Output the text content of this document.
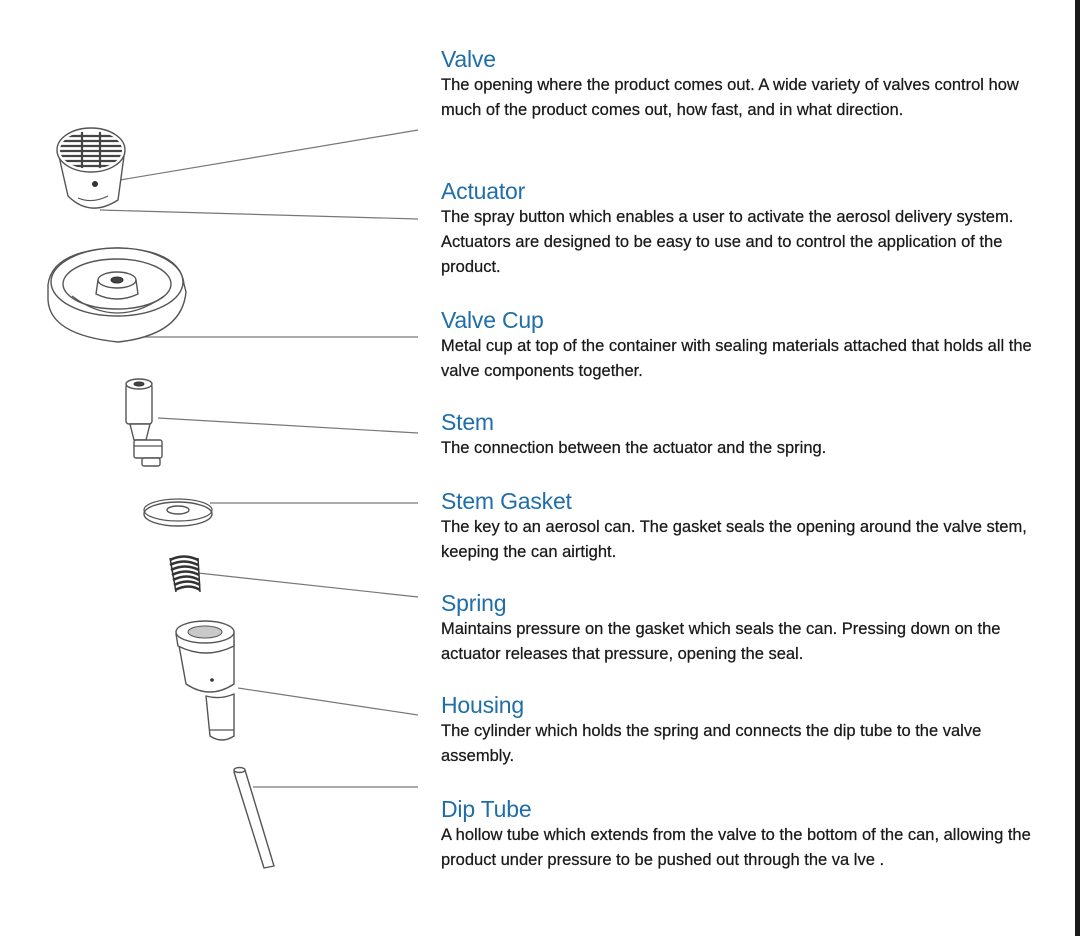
Valve
The opening where the product comes out. A wide variety of valves control how much of the product comes out, how fast, and in what direction.
Actuator
The spray button which enables a user to activate the aerosol delivery system. Actuators are designed to be easy to use and to control the application of the product.
Valve Cup
Metal cup at top of the container with sealing materials attached that holds all the valve components together.
Stem
The connection between the actuator and the spring.
Stem Gasket
The key to an aerosol can. The gasket seals the opening around the valve stem, keeping the can airtight.
Spring
Maintains pressure on the gasket which seals the can. Pressing down on the actuator releases that pressure, opening the seal.
Housing
The cylinder which holds the spring and connects the dip tube to the valve assembly.
Dip Tube
A hollow tube which extends from the valve to the bottom of the can, allowing the product under pressure to be pushed out through the va lve .
